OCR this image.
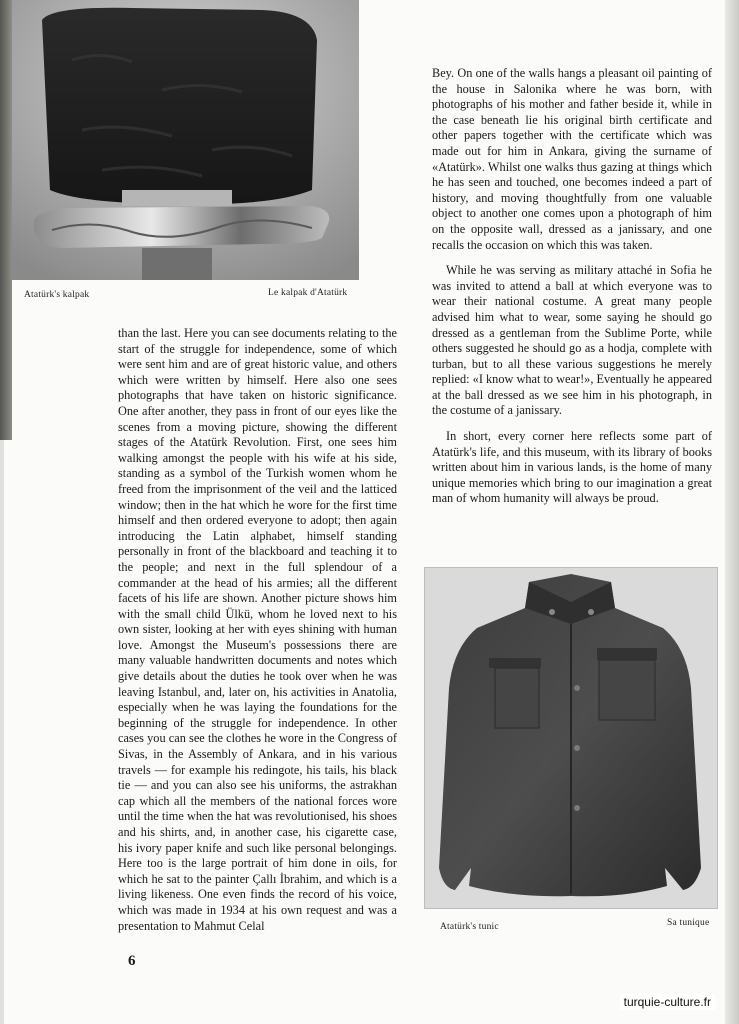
Atatürk's kalpak	Le kalpak d'Atatürk

than the last. Here you can see documents relating to the start of the struggle for independence, some of which were sent him and are of great historic value, and others which were written by himself. Here also one sees photographs that have taken on historic significance. One after another, they pass in front of our eyes like the scenes from a moving picture, showing the different stages of the Atatürk Revolution. First, one sees him walking amongst the people with his wife at his side, standing as a symbol of the Turkish women whom he freed from the imprisonment of the veil and the latticed window; then in the hat which he wore for the first time himself and then ordered everyone to adopt; then again introducing the Latin alphabet, himself standing personally in front of the blackboard and teaching it to the people; and next in the full splendour of a commander at the head of his armies; all the different facets of his life are shown. Another picture shows him with the small child Ülkü, whom he loved next to his own sister, looking at her with eyes shining with human love. Amongst the Museum's possessions there are many valuable handwritten documents and notes which give details about the duties he took over when he was leaving Istanbul, and, later on, his activities in Anatolia, especially when he was laying the foundations for the beginning of the struggle for independence. In other cases you can see the clothes he wore in the Congress of Sivas, in the Assembly of Ankara, and in his various travels — for example his redingote, his tails, his black tie — and you can also see his uniforms, the astrakhan cap which all the members of the national forces wore until the time when the hat was revolutionised, his shoes and his shirts, and, in another case, his cigarette case, his ivory paper knife and such like personal belongings. Here too is the large portrait of him done in oils, for which he sat to the painter Çallı İbrahim, and which is a living likeness. One even finds the record of his voice, which was made in 1934 at his own request and was a presentation to Mahmut Celal

Bey. On one of the walls hangs a pleasant oil painting of the house in Salonika where he was born, with photographs of his mother and father beside it, while in the case beneath lie his original birth certificate and other papers together with the certificate which was made out for him in Ankara, giving the surname of «Atatürk». Whilst one walks thus gazing at things which he has seen and touched, one becomes indeed a part of history, and moving thoughtfully from one valuable object to another one comes upon a photograph of him on the opposite wall, dressed as a janissary, and one recalls the occasion on which this was taken.

While he was serving as military attaché in Sofia he was invited to attend a ball at which everyone was to wear their national costume. A great many people advised him what to wear, some saying he should go dressed as a gentleman from the Sublime Porte, while others suggested he should go as a hodja, complete with turban, but to all these various suggestions he merely replied: «I know what to wear!», Eventually he appeared at the ball dressed as we see him in his photograph, in the costume of a janissary.

In short, every corner here reflects some part of Atatürk's life, and this museum, with its library of books written about him in various lands, is the home of many unique memories which bring to our imagination a great man of whom humanity will always be proud.

Atatürk's tunic	Sa tunique
6
turquie-culture.fr
